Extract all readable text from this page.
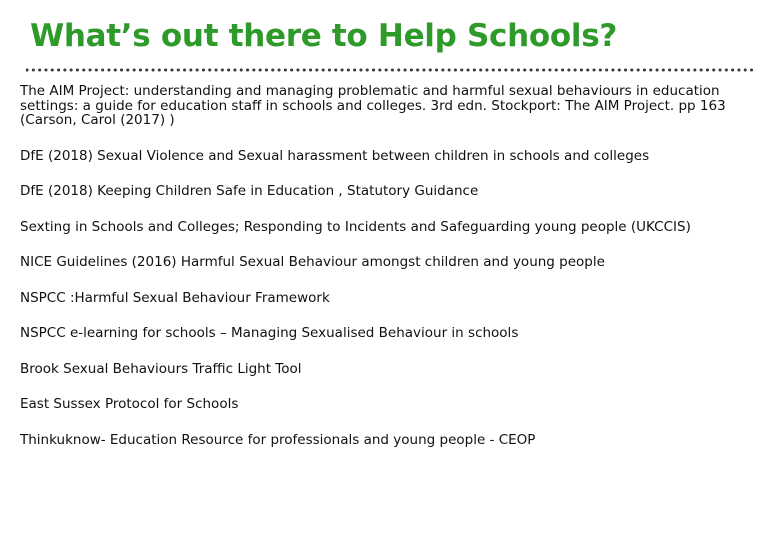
What’s out there to Help Schools?
The AIM Project: understanding and managing problematic and harmful sexual behaviours in education settings: a guide for education staff in schools and colleges. 3rd edn. Stockport: The AIM Project. pp 163 (Carson, Carol (2017) )
DfE (2018) Sexual Violence and Sexual harassment between children in schools and colleges
DfE (2018) Keeping Children Safe in Education , Statutory Guidance
Sexting in Schools and Colleges; Responding to Incidents and Safeguarding young people (UKCCIS)
NICE Guidelines (2016) Harmful Sexual Behaviour amongst children and young people
NSPCC :Harmful Sexual Behaviour Framework
NSPCC e-learning for schools – Managing Sexualised Behaviour in schools
Brook Sexual Behaviours Traffic Light Tool
East Sussex Protocol for Schools
Thinkuknow- Education Resource for professionals and young people - CEOP
